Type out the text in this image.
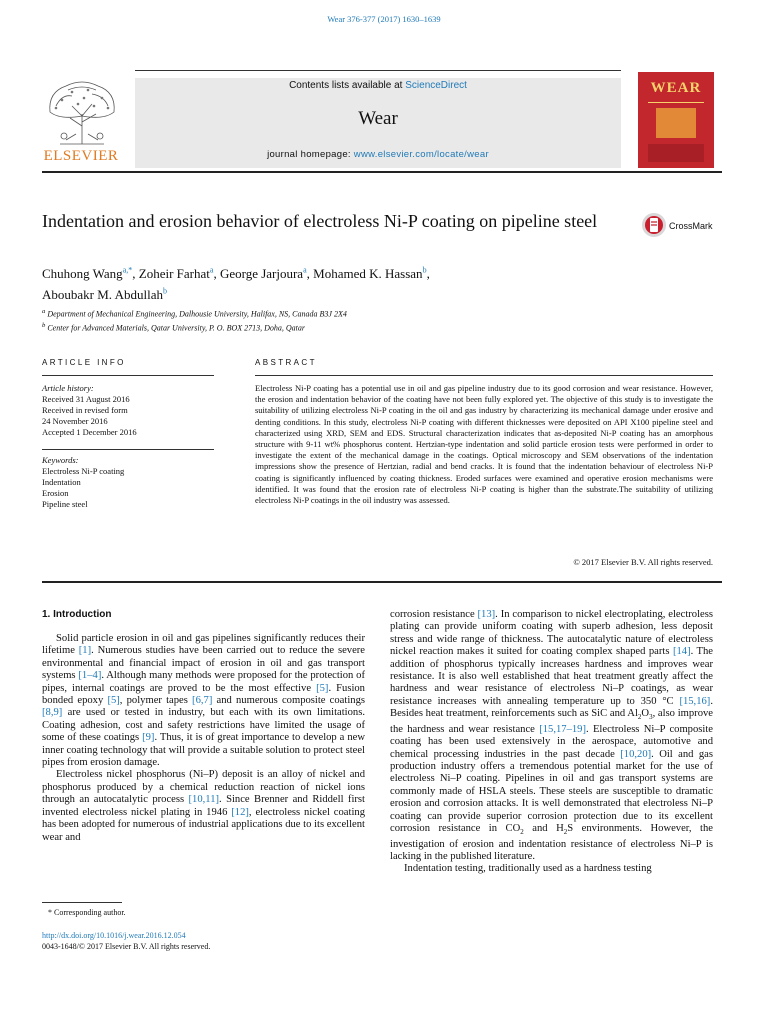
Wear 376-377 (2017) 1630–1639
ELSEVIER
Contents lists available at ScienceDirect
Wear
journal homepage: www.elsevier.com/locate/wear
WEAR
Indentation and erosion behavior of electroless Ni-P coating on pipeline steel	CrossMark
Chuhong Wang$^{a,*}$, Zoheir Farhat$^a$, George Jarjoura$^a$, Mohamed K. Hassan$^b$,
Aboubakr M. Abdullah$^b$
$^a$ Department of Mechanical Engineering, Dalhousie University, Halifax, NS, Canada B3J 2X4
$^b$ Center for Advanced Materials, Qatar University, P. O. BOX 2713, Doha, Qatar
ARTICLE INFO
Article history:
Received 31 August 2016
Received in revised form
24 November 2016
Accepted 1 December 2016
Keywords:
Electroless Ni-P coating
Indentation
Erosion
Pipeline steel
ABSTRACT
Electroless Ni-P coating has a potential use in oil and gas pipeline industry due to its good corrosion and wear resistance. However, the erosion and indentation behavior of the coating have not been fully explored yet. The objective of this study is to investigate the suitability of utilizing electroless Ni-P coating in the oil and gas industry by characterizing its mechanical damage under erosive and denting conditions. In this study, electroless Ni-P coating with different thicknesses were deposited on API X100 pipeline steel and characterized using XRD, SEM and EDS. Structural characterization indicates that as-deposited Ni-P coating has an amorphous structure with 9-11 wt% phosphorus content. Hertzian-type indentation and solid particle erosion tests were performed in order to investigate the extent of the mechanical damage in the coatings. Optical microscopy and SEM observations of the indentation impressions show the presence of Hertzian, radial and bend cracks. It is found that the indentation behaviour of electroless Ni-P coating is significantly influenced by coating thickness. Eroded surfaces were examined and operative erosion mechanisms were identified. It was found that the erosion rate of electroless Ni-P coating is higher than the substrate.The suitability of utilizing electroless Ni-P coatings in the oil industry was assessed.
© 2017 Elsevier B.V. All rights reserved.
1. Introduction

Solid particle erosion in oil and gas pipelines significantly reduces their lifetime [1]. Numerous studies have been carried out to reduce the severe environmental and financial impact of erosion in oil and gas transport systems [1–4]. Although many methods were proposed for the protection of pipes, internal coatings are proved to be the most effective [5]. Fusion bonded epoxy [5], polymer tapes [6,7] and numerous composite coatings [8,9] are used or tested in industry, but each with its own limitations. Coating adhesion, cost and safety restrictions have limited the usage of some of these coatings [9]. Thus, it is of great importance to develop a new inner coating technology that will provide a suitable solution to protect steel pipes from erosion damage.

Electroless nickel phosphorus (Ni–P) deposit is an alloy of nickel and phosphorus produced by a chemical reduction reaction of nickel ions through an autocatalytic process [10,11]. Since Brenner and Riddell first invented electroless nickel plating in 1946 [12], electroless nickel coating has been adopted for numerous of industrial applications due to its excellent wear and

corrosion resistance [13]. In comparison to nickel electroplating, electroless plating can provide uniform coating with superb adhesion, less deposit stress and wide range of thickness. The autocatalytic nature of electroless nickel reaction makes it suited for coating complex shaped parts [14]. The addition of phosphorus typically increases hardness and improves wear resistance. It is also well established that heat treatment greatly affect the hardness and wear resistance of electroless Ni–P coatings, as wear resistance increases with annealing temperature up to 350 °C [15,16]. Besides heat treatment, reinforcements such as SiC and $Al_2O_3$, also improve the hardness and wear resistance [15,17–19]. Electroless Ni–P composite coating has been used extensively in the aerospace, automotive and chemical processing industries in the past decade [10,20]. Oil and gas production industry offers a tremendous potential market for the use of electroless Ni–P coating. Pipelines in oil and gas transport systems are commonly made of HSLA steels. These steels are susceptible to dramatic erosion and corrosion attacks. It is well demonstrated that electroless Ni–P coating can provide superior corrosion protection due to its excellent corrosion resistance in $CO_2$ and $H_2S$ environments. However, the investigation of erosion and indentation resistance of electroless Ni–P is lacking in the published literature.

Indentation testing, traditionally used as a hardness testing

* Corresponding author.
http://dx.doi.org/10.1016/j.wear.2016.12.054
0043-1648/© 2017 Elsevier B.V. All rights reserved.
